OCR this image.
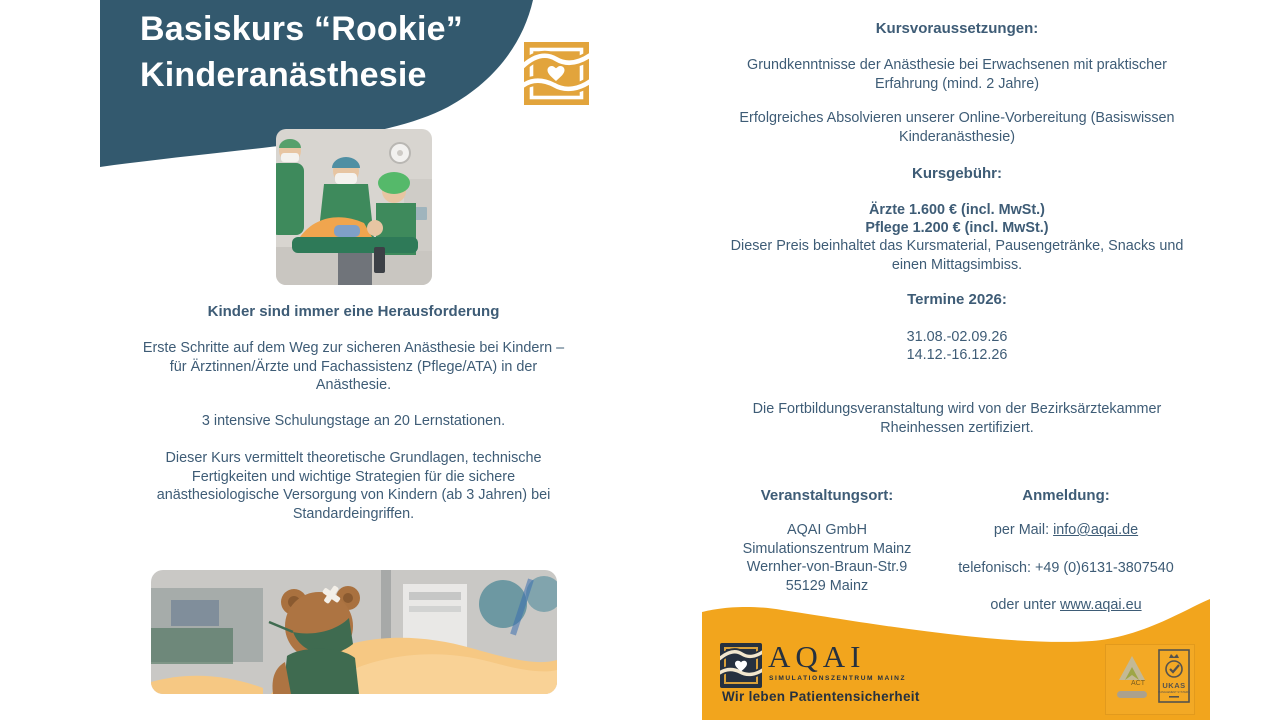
Basiskurs “Rookie”
Kinderanästhesie
Kinder sind immer eine Herausforderung
Erste Schritte auf dem Weg zur sicheren Anästhesie bei Kindern – für Ärztinnen/Ärzte und Fachassistenz (Pflege/ATA) in der Anästhesie.
3 intensive Schulungstage an 20 Lernstationen.
Dieser Kurs vermittelt theoretische Grundlagen, technische Fertigkeiten und wichtige Strategien für die sichere anästhesiologische Versorgung von Kindern (ab 3 Jahren) bei Standardeingriffen.
Kursvoraussetzungen:
Grundkenntnisse der Anästhesie bei Erwachsenen mit praktischer Erfahrung (mind. 2 Jahre)
Erfolgreiches Absolvieren unserer Online-Vorbereitung (Basiswissen Kinderanästhesie)
Kursgebühr:
Ärzte 1.600 € (incl. MwSt.)
Pflege 1.200 € (incl. MwSt.)
Dieser Preis beinhaltet das Kursmaterial, Pausengetränke, Snacks und einen Mittagsimbiss.
Termine 2026:
31.08.-02.09.26
14.12.-16.12.26
Die Fortbildungsveranstaltung wird von der Bezirksärztekammer Rheinhessen zertifiziert.
Veranstaltungsort:
AQAI GmbH
Simulationszentrum Mainz
Wernher-von-Braun-Str.9
55129 Mainz
Anmeldung:
per Mail: info@aqai.de
telefonisch: +49 (0)6131-3807540
oder unter www.aqai.eu
AQAI
SIMULATIONSZENTRUM MAINZ
Wir leben Patientensicherheit
ACT UKAS
MANAGEMENT SYSTEMS
